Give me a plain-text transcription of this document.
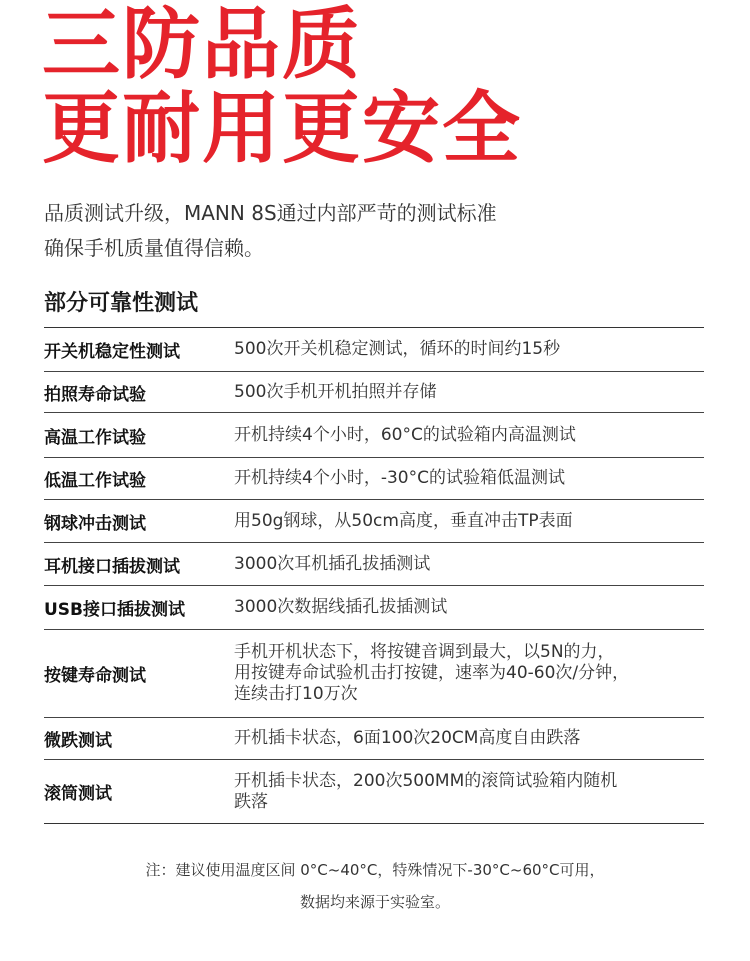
三防品质
更耐用更安全

品质测试升级，MANN 8S通过内部严苛的测试标准

确保手机质量值得信赖。

部分可靠性测试
开关机稳定性测试	500次开关机稳定测试，循环的时间约15秒
拍照寿命试验	500次手机开机拍照并存储
高温工作试验	开机持续4个小时，60°C的试验箱内高温测试
低温工作试验	开机持续4个小时，-30°C的试验箱低温测试
钢球冲击测试	用50g钢球，从50cm高度，垂直冲击TP表面
耳机接口插拔测试	3000次耳机插孔拔插测试
USB接口插拔测试	3000次数据线插孔拔插测试
按键寿命测试	手机开机状态下，将按键音调到最大，以5N的力，
用按键寿命试验机击打按键，速率为40-60次/分钟，
连续击打10万次

微跌测试	开机插卡状态，6面100次20CM高度自由跌落
滚筒测试	开机插卡状态，200次500MM的滚筒试验箱内随机
跌落

注：建议使用温度区间 0°C~40°C，特殊情况下-30°C~60°C可用，

数据均来源于实验室。
